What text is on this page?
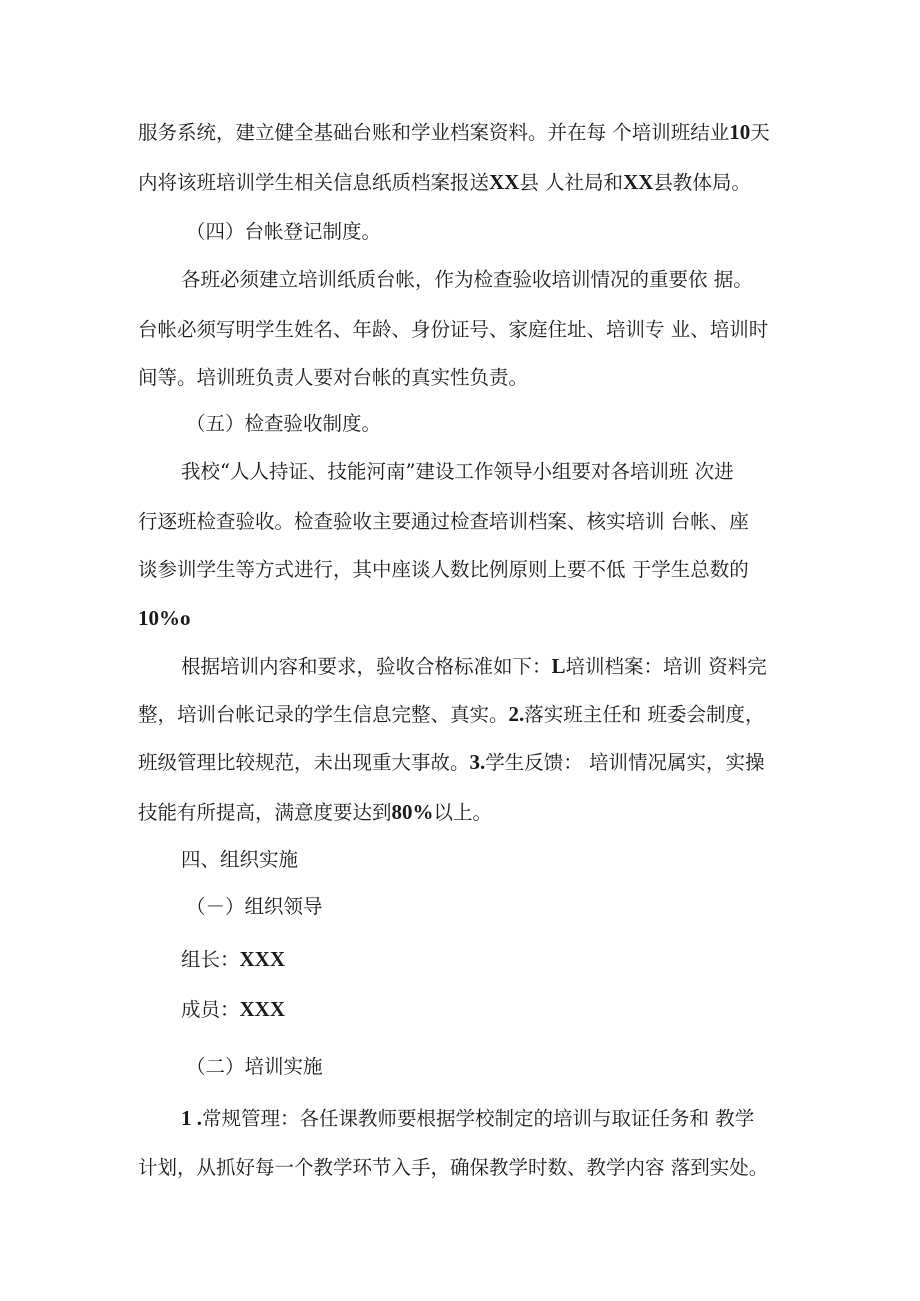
服务系统，建立健全基础台账和学业档案资料。并在每 个培训班结业10天

内将该班培训学生相关信息纸质档案报送XX县 人社局和XX县教体局。

（四）台帐登记制度。

各班必须建立培训纸质台帐，作为检查验收培训情况的重要依 据。

台帐必须写明学生姓名、年龄、身份证号、家庭住址、培训专 业、培训时

间等。培训班负责人要对台帐的真实性负责。

（五）检查验收制度。

我校“人人持证、技能河南”建设工作领导小组要对各培训班 次进

行逐班检查验收。检查验收主要通过检查培训档案、核实培训 台帐、座

谈参训学生等方式进行，其中座谈人数比例原则上要不低 于学生总数的

10%o

根据培训内容和要求，验收合格标准如下：L培训档案：培训 资料完

整，培训台帐记录的学生信息完整、真实。2.落实班主任和 班委会制度，

班级管理比较规范，未出现重大事故。3.学生反馈： 培训情况属实，实操

技能有所提高，满意度要达到80%以上。

四、组织实施

（－）组织领导

组长：XXX

成员：XXX

（二）培训实施

1 .常规管理：各任课教师要根据学校制定的培训与取证任务和 教学

计划，从抓好每一个教学环节入手，确保教学时数、教学内容 落到实处。
